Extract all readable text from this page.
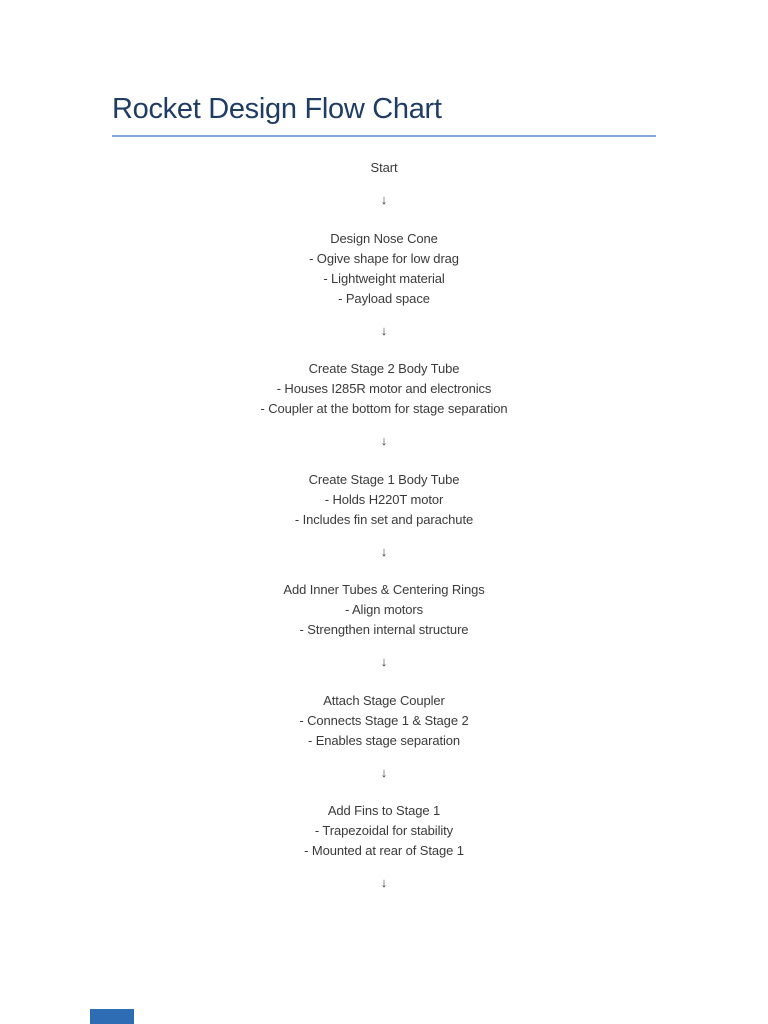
Rocket Design Flow Chart
Start
↓
Design Nose Cone
- Ogive shape for low drag
- Lightweight material
- Payload space
↓
Create Stage 2 Body Tube
- Houses I285R motor and electronics
- Coupler at the bottom for stage separation
↓
Create Stage 1 Body Tube
- Holds H220T motor
- Includes fin set and parachute
↓
Add Inner Tubes & Centering Rings
- Align motors
- Strengthen internal structure
↓
Attach Stage Coupler
- Connects Stage 1 & Stage 2
- Enables stage separation
↓
Add Fins to Stage 1
- Trapezoidal for stability
- Mounted at rear of Stage 1
↓
